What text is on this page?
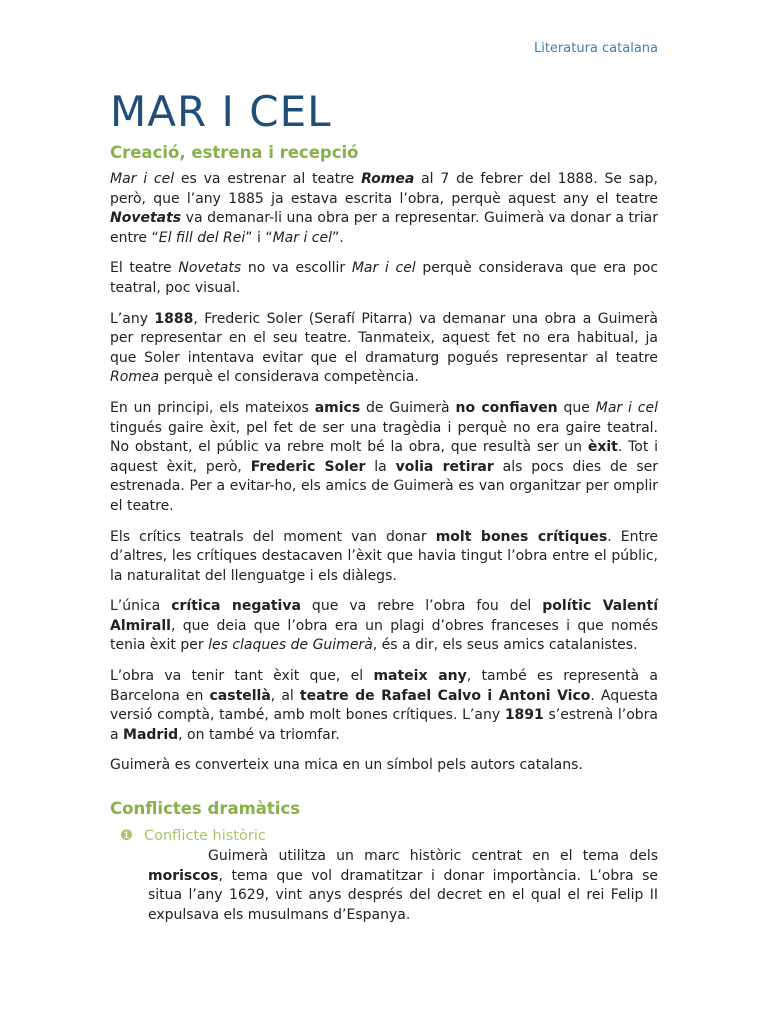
Literatura catalana
MAR I CEL
Creació, estrena i recepció

Mar i cel es va estrenar al teatre Romea al 7 de febrer del 1888. Se sap, però, que l’any 1885 ja estava escrita l’obra, perquè aquest any el teatre Novetats va demanar-li una obra per a representar. Guimerà va donar a triar entre “El fill del Rei” i “Mar i cel”.

El teatre Novetats no va escollir Mar i cel perquè considerava que era poc teatral, poc visual.

L’any 1888, Frederic Soler (Serafí Pitarra) va demanar una obra a Guimerà per representar en el seu teatre. Tanmateix, aquest fet no era habitual, ja que Soler intentava evitar que el dramaturg pogués representar al teatre Romea perquè el considerava competència.

En un principi, els mateixos amics de Guimerà no confiaven que Mar i cel tingués gaire èxit, pel fet de ser una tragèdia i perquè no era gaire teatral. No obstant, el públic va rebre molt bé la obra, que resultà ser un èxit. Tot i aquest èxit, però, Frederic Soler la volia retirar als pocs dies de ser estrenada. Per a evitar-ho, els amics de Guimerà es van organitzar per omplir el teatre.

Els crítics teatrals del moment van donar molt bones crítiques. Entre d’altres, les crítiques destacaven l’èxit que havia tingut l’obra entre el públic, la naturalitat del llenguatge i els diàlegs.

L’única crítica negativa que va rebre l’obra fou del polític Valentí Almirall, que deia que l’obra era un plagi d’obres franceses i que només tenia èxit per les claques de Guimerà, és a dir, els seus amics catalanistes.

L’obra va tenir tant èxit que, el mateix any, també es representà a Barcelona en castellà, al teatre de Rafael Calvo i Antoni Vico. Aquesta versió comptà, també, amb molt bones crítiques. L’any 1891 s’estrenà l’obra a Madrid, on també va triomfar.

Guimerà es converteix una mica en un símbol pels autors catalans.

Conflictes dramàtics
❶ Conflicte històric

Guimerà utilitza un marc històric centrat en el tema dels moriscos, tema que vol dramatitzar i donar importància. L’obra se situa l’any 1629, vint anys després del decret en el qual el rei Felip II expulsava els musulmans d’Espanya.
